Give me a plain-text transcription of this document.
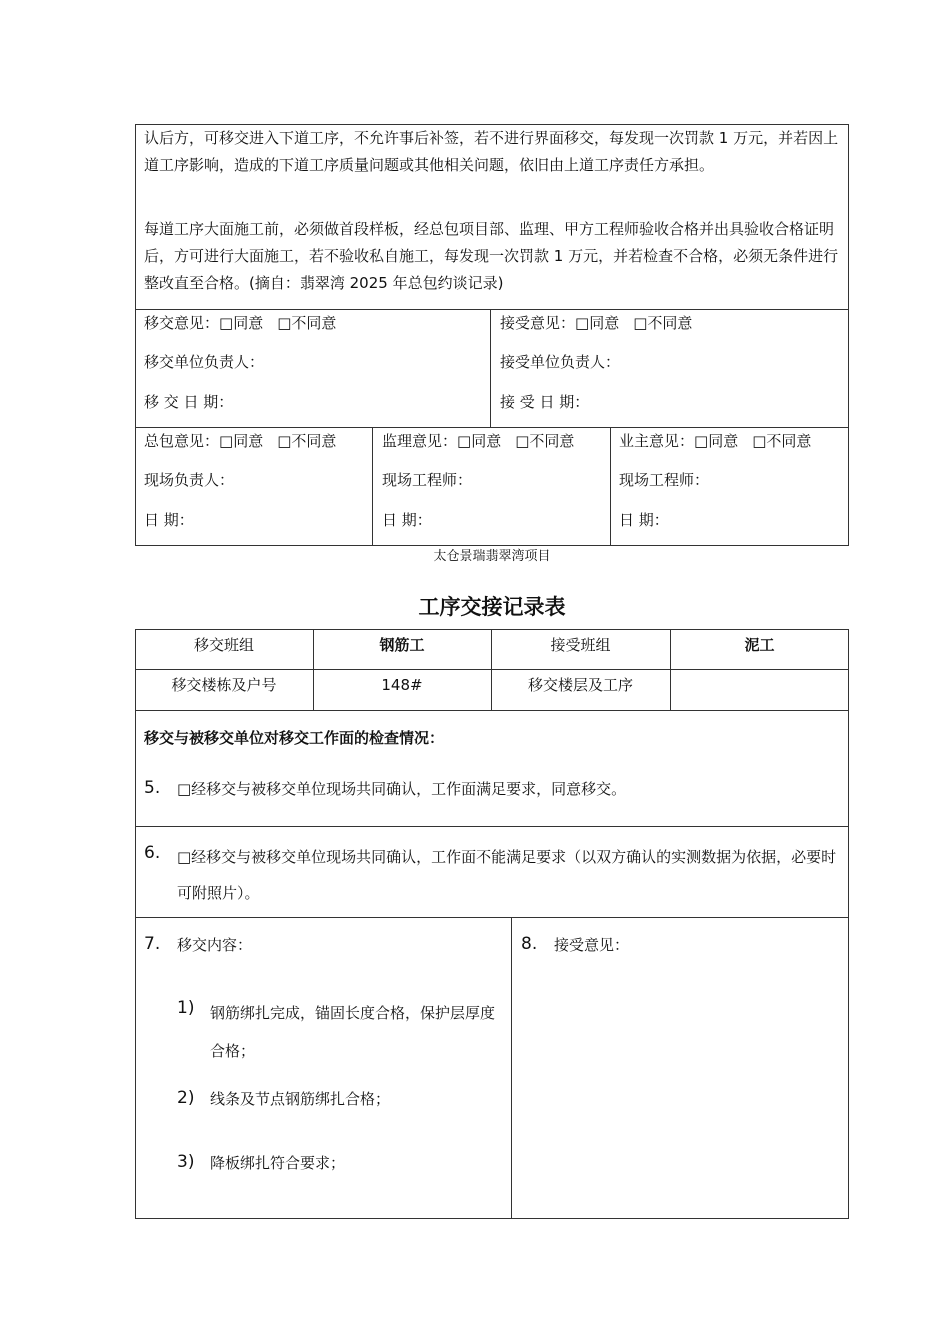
认后方，可移交进入下道工序，不允许事后补签，若不进行界面移交，每发现一次罚款 1 万元，并若因上道工序影响，造成的下道工序质量问题或其他相关问题，依旧由上道工序责任方承担。
每道工序大面施工前，必须做首段样板，经总包项目部、监理、甲方工程师验收合格并出具验收合格证明后，方可进行大面施工，若不验收私自施工，每发现一次罚款 1 万元，并若检查不合格，必须无条件进行整改直至合格。(摘自：翡翠湾 2025 年总包约谈记录)
移交意见：□同意 □不同意
移交单位负责人：
移 交 日 期：
接受意见：□同意 □不同意
接受单位负责人：
接 受 日 期：
总包意见：□同意 □不同意
现场负责人：
日 期：
监理意见：□同意 □不同意
现场工程师：
日 期：
业主意见：□同意 □不同意
现场工程师：
日 期：
太仓景瑞翡翠湾项目
工序交接记录表
移交班组	钢筋工	接受班组	泥工
移交楼栋及户号	148#	移交楼层及工序
移交与被移交单位对移交工作面的检查情况：
5. □经移交与被移交单位现场共同确认，工作面满足要求，同意移交。
6. □经移交与被移交单位现场共同确认，工作面不能满足要求（以双方确认的实测数据为依据，必要时可附照片）。
7. 移交内容：	8. 接受意见：
1) 钢筋绑扎完成，锚固长度合格，保护层厚度合格；
2) 线条及节点钢筋绑扎合格；
3) 降板绑扎符合要求；
